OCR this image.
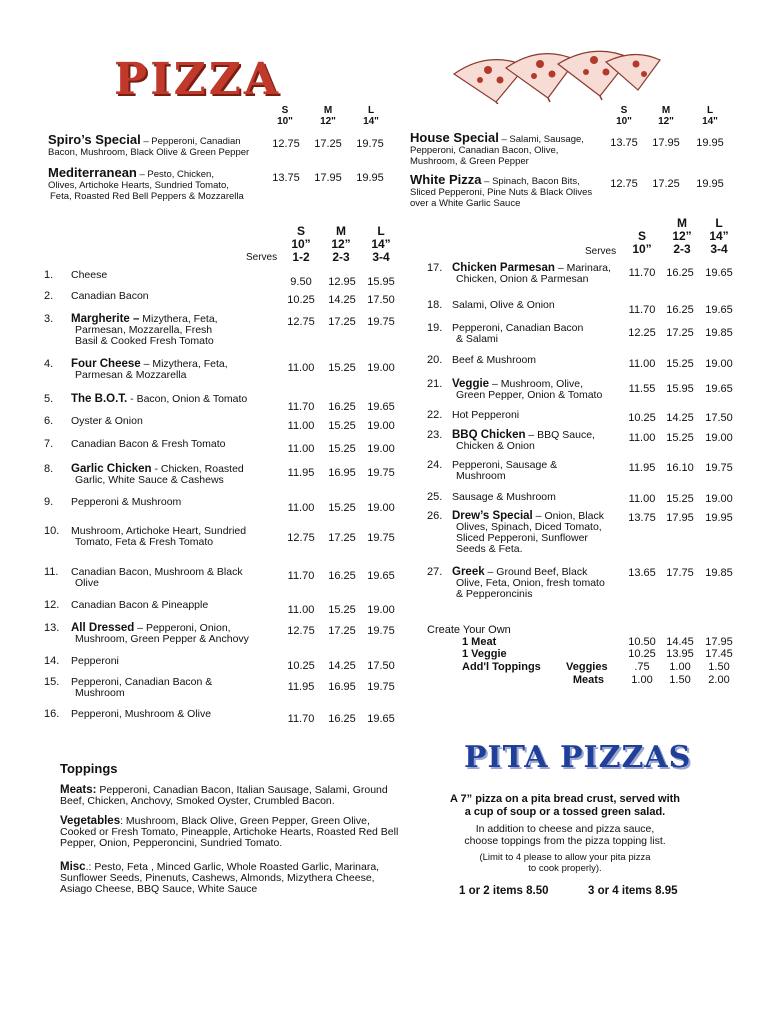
PIZZA
S
10"
M
12"
L
14"
S
10"
M
12"
L
14"
Spiro’s Special – Pepperoni, Canadian
Bacon, Mushroom, Black Olive & Green Pepper
12.75	17.25	19.75
Mediterranean – Pesto, Chicken,
Olives, Artichoke Hearts, Sundried Tomato,
Feta, Roasted Red Bell Peppers & Mozzarella
13.75	17.95	19.95
House Special – Salami, Sausage,
Pepperoni, Canadian Bacon, Olive,
Mushroom, & Green Pepper
13.75	17.95	19.95
White Pizza – Spinach, Bacon Bits,
Sliced Pepperoni, Pine Nuts & Black Olives
over a White Garlic Sauce
12.75	17.25	19.95
S
10”
1-2
M
12”
2-3
L
14”
3-4
Serves
S
10”
M
12”
2-3
L
14”
3-4
Serves
1. Cheese
9.50	12.95	15.95
2. Canadian Bacon	10.25	14.25	17.50
3. Margherite – Mizythera, Feta,
Parmesan, Mozzarella, Fresh
Basil & Cooked Fresh Tomato
12.75	17.25	19.75
4. Four Cheese – Mizythera, Feta,
Parmesan & Mozzarella
11.00	15.25	19.00
5. The B.O.T. - Bacon, Onion & Tomato
11.70	16.25	19.65
6. Oyster & Onion	11.00	15.25	19.00
7. Canadian Bacon & Fresh Tomato	11.00	15.25	19.00
8. Garlic Chicken - Chicken, Roasted
Garlic, White Sauce & Cashews
11.95	16.95	19.75
9. Pepperoni & Mushroom	11.00	15.25	19.00
10. Mushroom, Artichoke Heart, Sundried
Tomato, Feta & Fresh Tomato	12.75	17.25	19.75
11. Canadian Bacon, Mushroom & Black
Olive
11.70	16.25	19.65
12. Canadian Bacon & Pineapple	11.00	15.25	19.00
13. All Dressed – Pepperoni, Onion,
Mushroom, Green Pepper & Anchovy
12.75	17.25	19.75
14. Pepperoni	10.25	14.25	17.50
15. Pepperoni, Canadian Bacon &
Mushroom	11.95	16.95	19.75
16. Pepperoni, Mushroom & Olive	11.70	16.25	19.65
17. Chicken Parmesan – Marinara,
Chicken, Onion & Parmesan	11.70 16.25	19.65
18. Salami, Olive & Onion	11.70 16.25	19.65
19. Pepperoni, Canadian Bacon
& Salami	12.25 17.25	19.85
20. Beef & Mushroom	11.00 15.25	19.00
21. Veggie – Mushroom, Olive,
Green Pepper, Onion & Tomato	11.55 15.95	19.65
22. Hot Pepperoni	10.25 14.25	17.50
23. BBQ Chicken – BBQ Sauce,
Chicken & Onion
11.00 15.25	19.00
24. Pepperoni, Sausage &
Mushroom
11.95 16.10	19.75
25. Sausage & Mushroom	11.00 15.25	19.00
26. Drew’s Special – Onion, Black
Olives, Spinach, Diced Tomato,
Sliced Pepperoni, Sunflower
Seeds & Feta.
13.75 17.95	19.95
27. Greek – Ground Beef, Black
Olive, Feta, Onion, fresh tomato
& Pepperoncinis
13.65 17.75	19.85
Create Your Own
1 Meat	10.50 14.45	17.95
1 Veggie	10.25 13.95	17.45
Add'l Toppings Veggies	.75	1.00	1.50
Meats	1.00	1.50	2.00
Toppings
Meats: Pepperoni, Canadian Bacon, Italian Sausage, Salami, Ground
Beef, Chicken, Anchovy, Smoked Oyster, Crumbled Bacon.
Vegetables: Mushroom, Black Olive, Green Pepper, Green Olive,
Cooked or Fresh Tomato, Pineapple, Artichoke Hearts, Roasted Red Bell
Pepper, Onion, Pepperoncini, Sundried Tomato.
Misc.: Pesto, Feta , Minced Garlic, Whole Roasted Garlic, Marinara,
Sunflower Seeds, Pinenuts, Cashews, Almonds, Mizythera Cheese,
Asiago Cheese, BBQ Sauce, White Sauce
PITA PIZZAS
A 7” pizza on a pita bread crust, served with
a cup of soup or a tossed green salad.
In addition to cheese and pizza sauce,
choose toppings from the pizza topping list.
(Limit to 4 please to allow your pita pizza
to cook properly).
1 or 2 items 8.50	3 or 4 items 8.95
